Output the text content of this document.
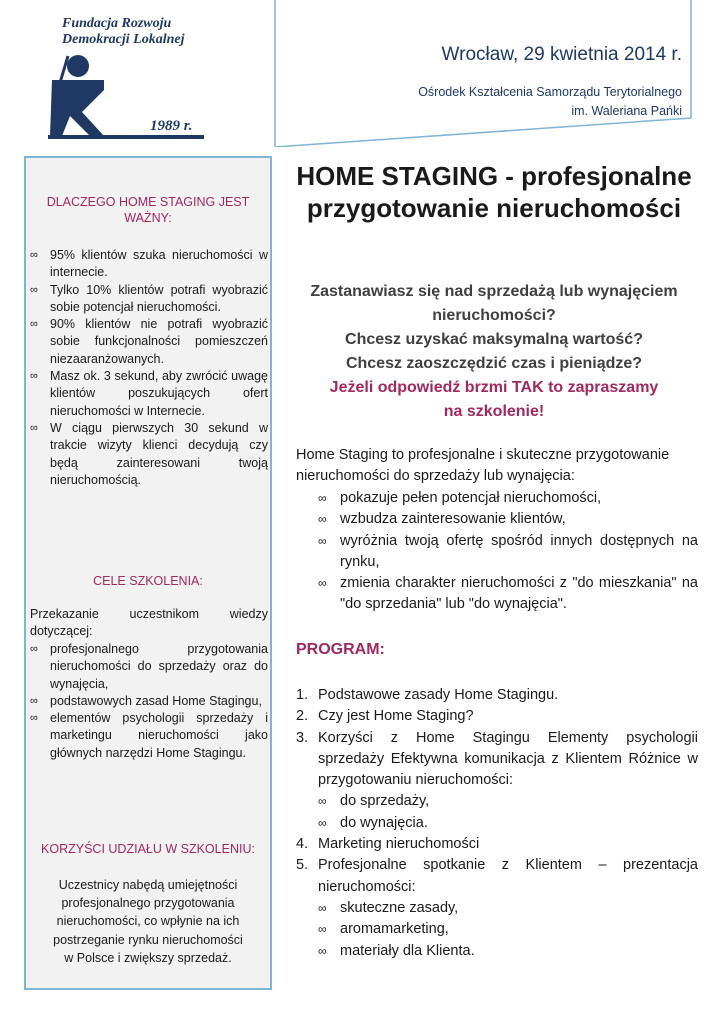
Fundacja Rozwoju
Demokracji Lokalnej
1989 r.
Wrocław, 29 kwietnia 2014 r.
Ośrodek Kształcenia Samorządu Terytorialnego
im. Waleriana Pańki
DLACZEGO HOME STAGING JEST
WAŻNY:
∞ 95% klientów szuka nieruchomości w internecie.
∞ Tylko 10% klientów potrafi wyobrazić sobie potencjał nieruchomości.
∞ 90% klientów nie potrafi wyobrazić sobie funkcjonalności pomieszczeń niezaaranżowanych.
∞ Masz ok. 3 sekund, aby zwrócić uwagę klientów poszukujących ofert nieruchomości w Internecie.
∞ W ciągu pierwszych 30 sekund w trakcie wizyty klienci decydują czy będą zainteresowani twoją nieruchomością.
CELE SZKOLENIA:
Przekazanie uczestnikom wiedzy dotyczącej:
∞ profesjonalnego przygotowania nieruchomości do sprzedaży oraz do wynajęcia,
∞ podstawowych zasad Home Stagingu,
∞ elementów psychologii sprzedaży i marketingu nieruchomości jako głównych narzędzi Home Stagingu.
KORZYŚCI UDZIAŁU W SZKOLENIU:
Uczestnicy nabędą umiejętności
profesjonalnego przygotowania
nieruchomości, co wpłynie na ich
postrzeganie rynku nieruchomości
w Polsce i zwiększy sprzedaż.
HOME STAGING - profesjonalne
przygotowanie nieruchomości
Zastanawiasz się nad sprzedażą lub wynajęciem
nieruchomości?
Chcesz uzyskać maksymalną wartość?
Chcesz zaoszczędzić czas i pieniądze?
Jeżeli odpowiedź brzmi TAK to zapraszamy
na szkolenie!
Home Staging to profesjonalne i skuteczne przygotowanie nieruchomości do sprzedaży lub wynajęcia:
∞ pokazuje pełen potencjał nieruchomości,
∞ wzbudza zainteresowanie klientów,
∞ wyróżnia twoją ofertę spośród innych dostępnych na rynku,
∞ zmienia charakter nieruchomości z "do mieszkania" na "do sprzedania" lub "do wynajęcia".
PROGRAM:
1. Podstawowe zasady Home Stagingu.
2. Czy jest Home Staging?
3. Korzyści z Home Stagingu Elementy psychologii sprzedaży Efektywna komunikacja z Klientem Różnice w przygotowaniu nieruchomości:
∞ do sprzedaży,
∞ do wynajęcia.
4. Marketing nieruchomości
5. Profesjonalne spotkanie z Klientem – prezentacja nieruchomości:
∞ skuteczne zasady,
∞ aromamarketing,
∞ materiały dla Klienta.
